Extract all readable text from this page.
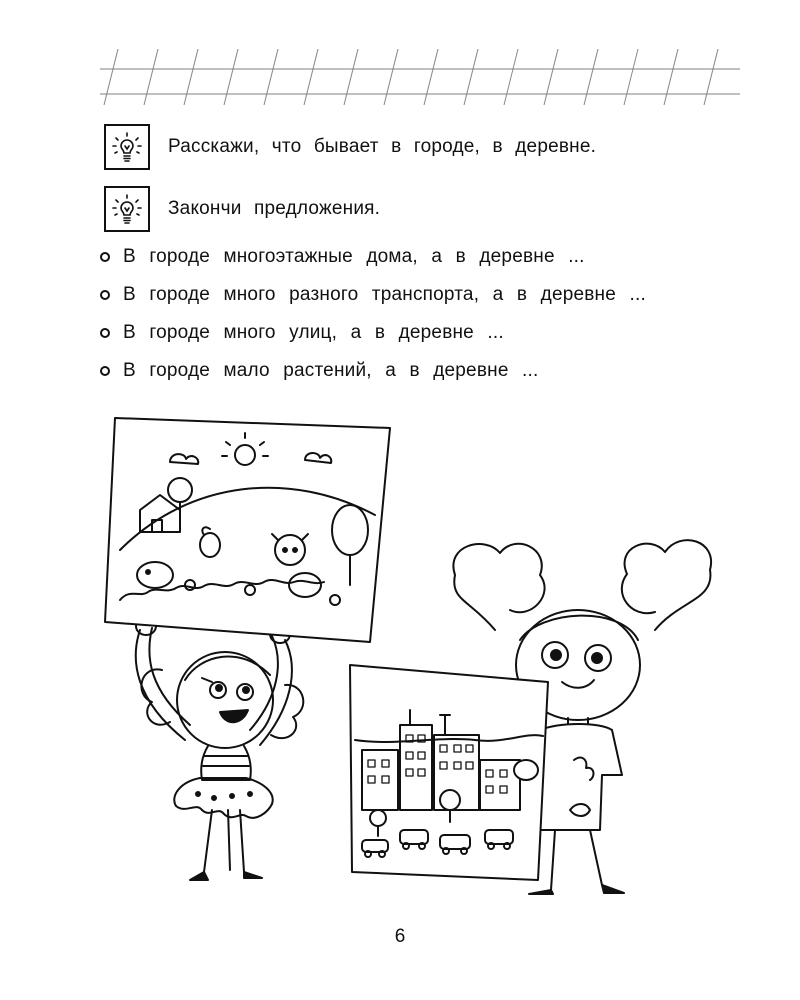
Расскажи, что бывает в городе, в деревне.
Закончи предложения.
В городе многоэтажные дома, а в деревне ...
В городе много разного транспорта, а в деревне ...
В городе много улиц, а в деревне ...
В городе мало растений, а в деревне ...
6
